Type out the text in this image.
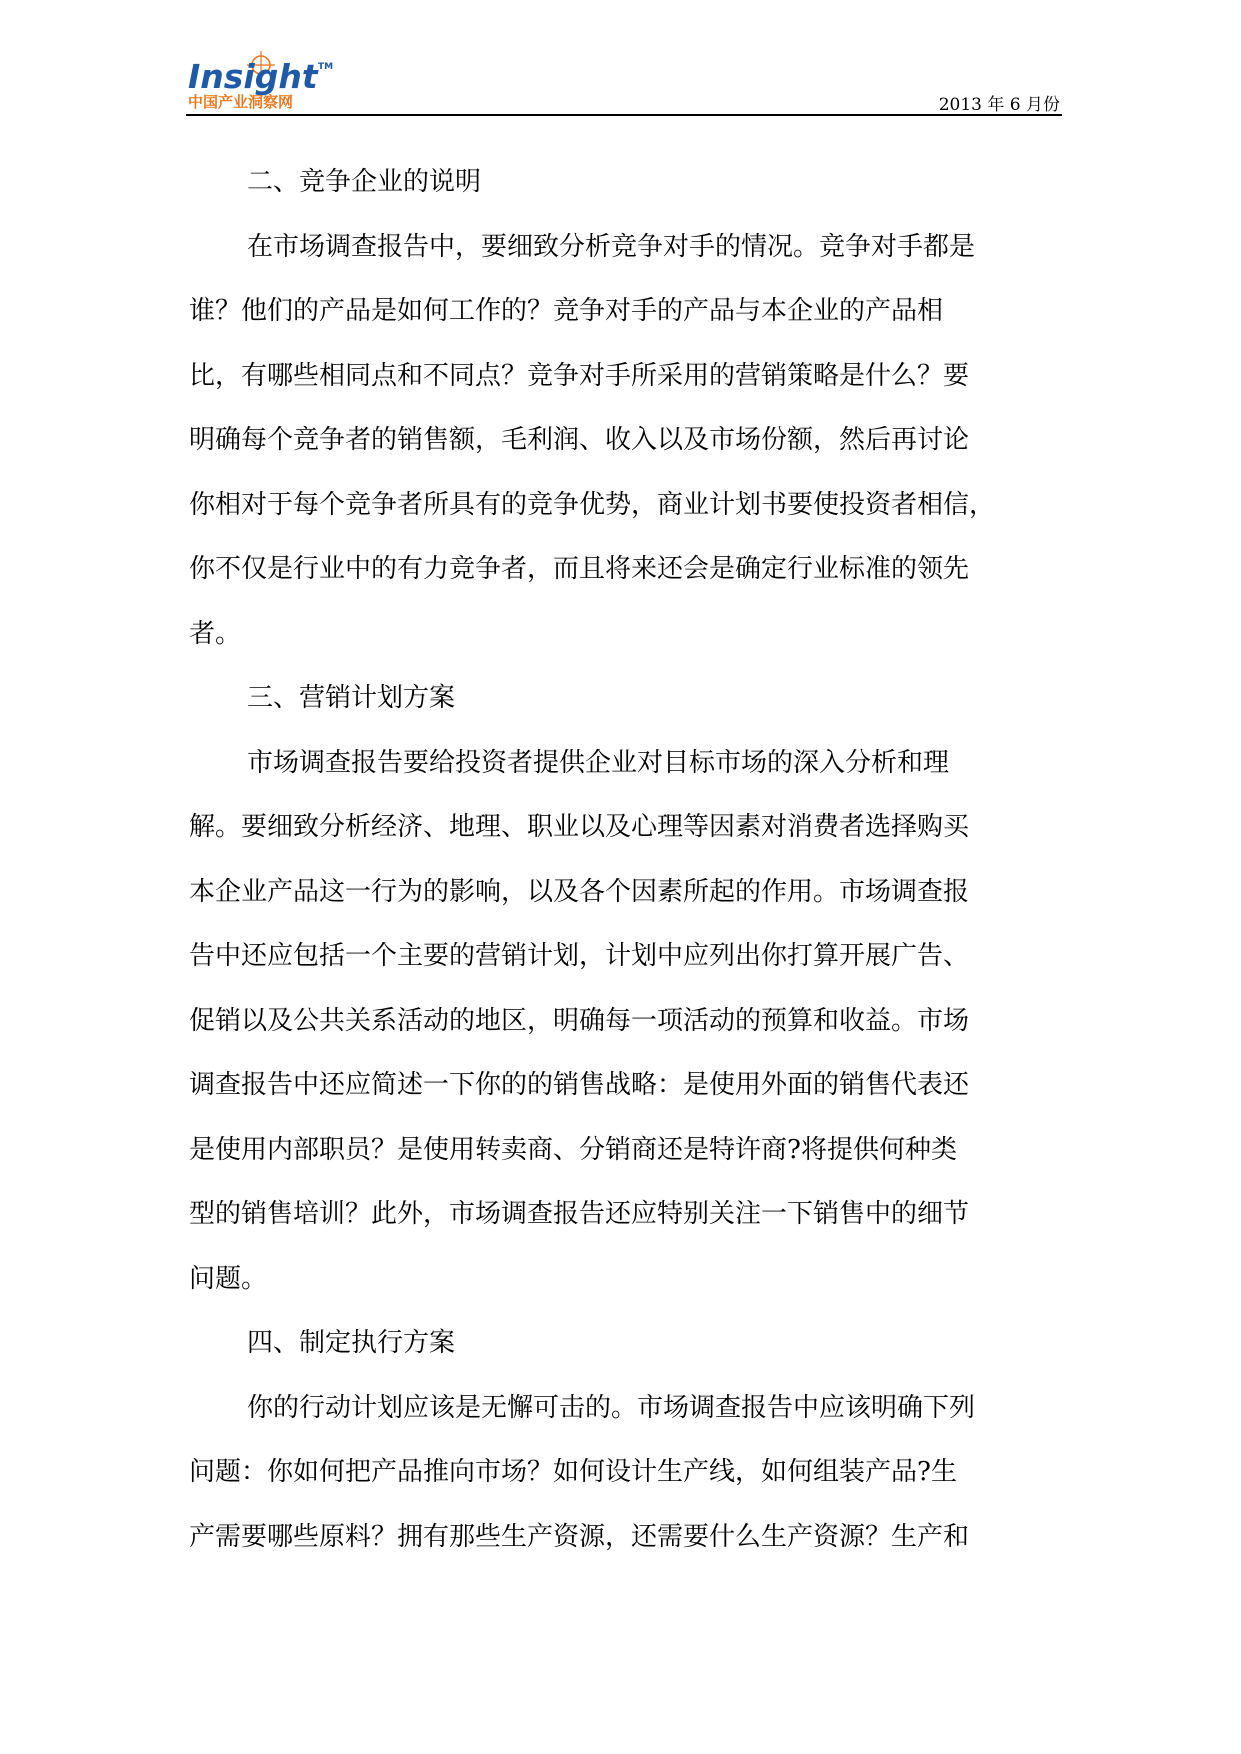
Insight TM
中国产业洞察网	2013 年 6 月份
二、竞争企业的说明
在市场调查报告中，要细致分析竞争对手的情况。竞争对手都是
谁？他们的产品是如何工作的？竞争对手的产品与本企业的产品相
比，有哪些相同点和不同点？竞争对手所采用的营销策略是什么？要
明确每个竞争者的销售额，毛利润、收入以及市场份额，然后再讨论
你相对于每个竞争者所具有的竞争优势，商业计划书要使投资者相信，
你不仅是行业中的有力竞争者，而且将来还会是确定行业标准的领先
者。
三、营销计划方案
市场调查报告要给投资者提供企业对目标市场的深入分析和理
解。要细致分析经济、地理、职业以及心理等因素对消费者选择购买
本企业产品这一行为的影响，以及各个因素所起的作用。市场调查报
告中还应包括一个主要的营销计划，计划中应列出你打算开展广告、
促销以及公共关系活动的地区，明确每一项活动的预算和收益。市场
调查报告中还应简述一下你的的销售战略：是使用外面的销售代表还
是使用内部职员？是使用转卖商、分销商还是特许商?将提供何种类
型的销售培训？此外，市场调查报告还应特别关注一下销售中的细节
问题。
四、制定执行方案
你的行动计划应该是无懈可击的。市场调查报告中应该明确下列
问题：你如何把产品推向市场？如何设计生产线，如何组装产品?生
产需要哪些原料？拥有那些生产资源，还需要什么生产资源？生产和
